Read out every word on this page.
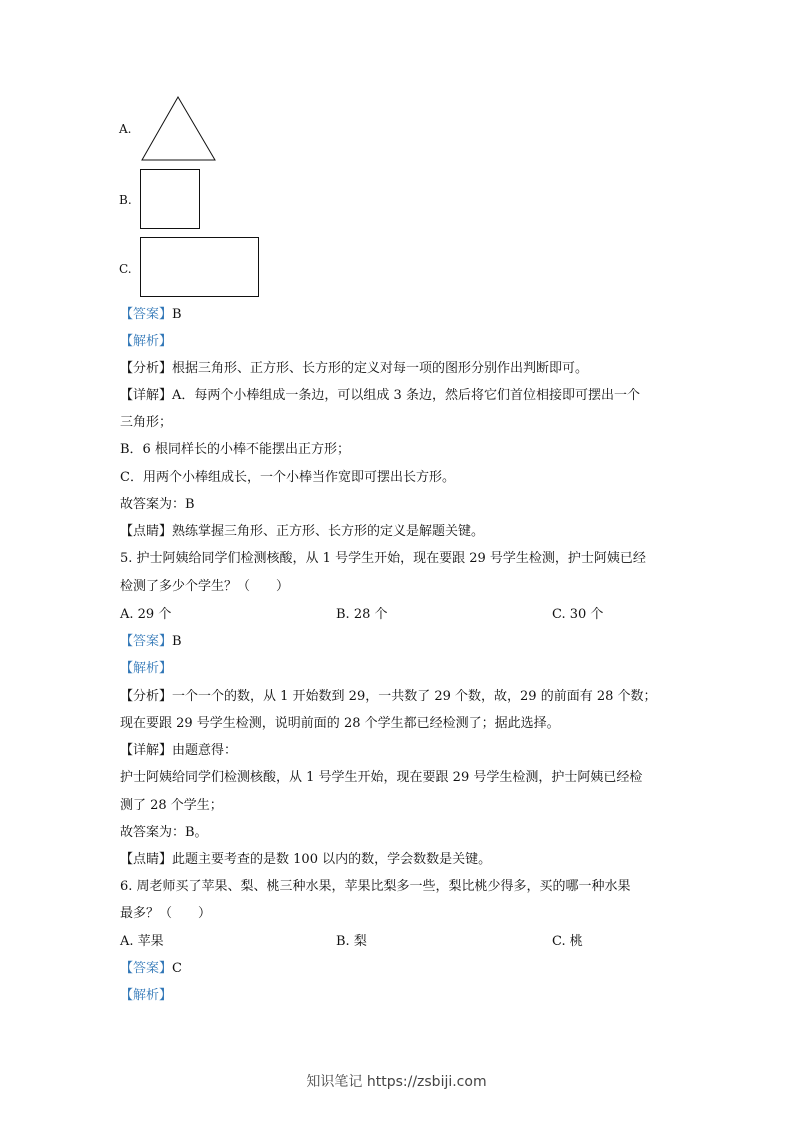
A.
B.
C.
【答案】B
【解析】
【分析】根据三角形、正方形、长方形的定义对每一项的图形分别作出判断即可。
【详解】A．每两个小棒组成一条边，可以组成 3 条边，然后将它们首位相接即可摆出一个
三角形；
B．6 根同样长的小棒不能摆出正方形；
C．用两个小棒组成长，一个小棒当作宽即可摆出长方形。
故答案为：B
【点睛】熟练掌握三角形、正方形、长方形的定义是解题关键。
5. 护士阿姨给同学们检测核酸，从 1 号学生开始，现在要跟 29 号学生检测，护士阿姨已经
检测了多少个学生？（　　）
A. 29 个	B. 28 个	C. 30 个
【答案】B
【解析】
【分析】一个一个的数，从 1 开始数到 29，一共数了 29 个数，故，29 的前面有 28 个数；
现在要跟 29 号学生检测，说明前面的 28 个学生都已经检测了；据此选择。
【详解】由题意得：
护士阿姨给同学们检测核酸，从 1 号学生开始，现在要跟 29 号学生检测，护士阿姨已经检
测了 28 个学生；
故答案为：B。
【点睛】此题主要考查的是数 100 以内的数，学会数数是关键。
6. 周老师买了苹果、梨、桃三种水果，苹果比梨多一些，梨比桃少得多，买的哪一种水果
最多？（　　）
A. 苹果	B. 梨	C. 桃
【答案】C
【解析】
知识笔记 https://zsbiji.com
